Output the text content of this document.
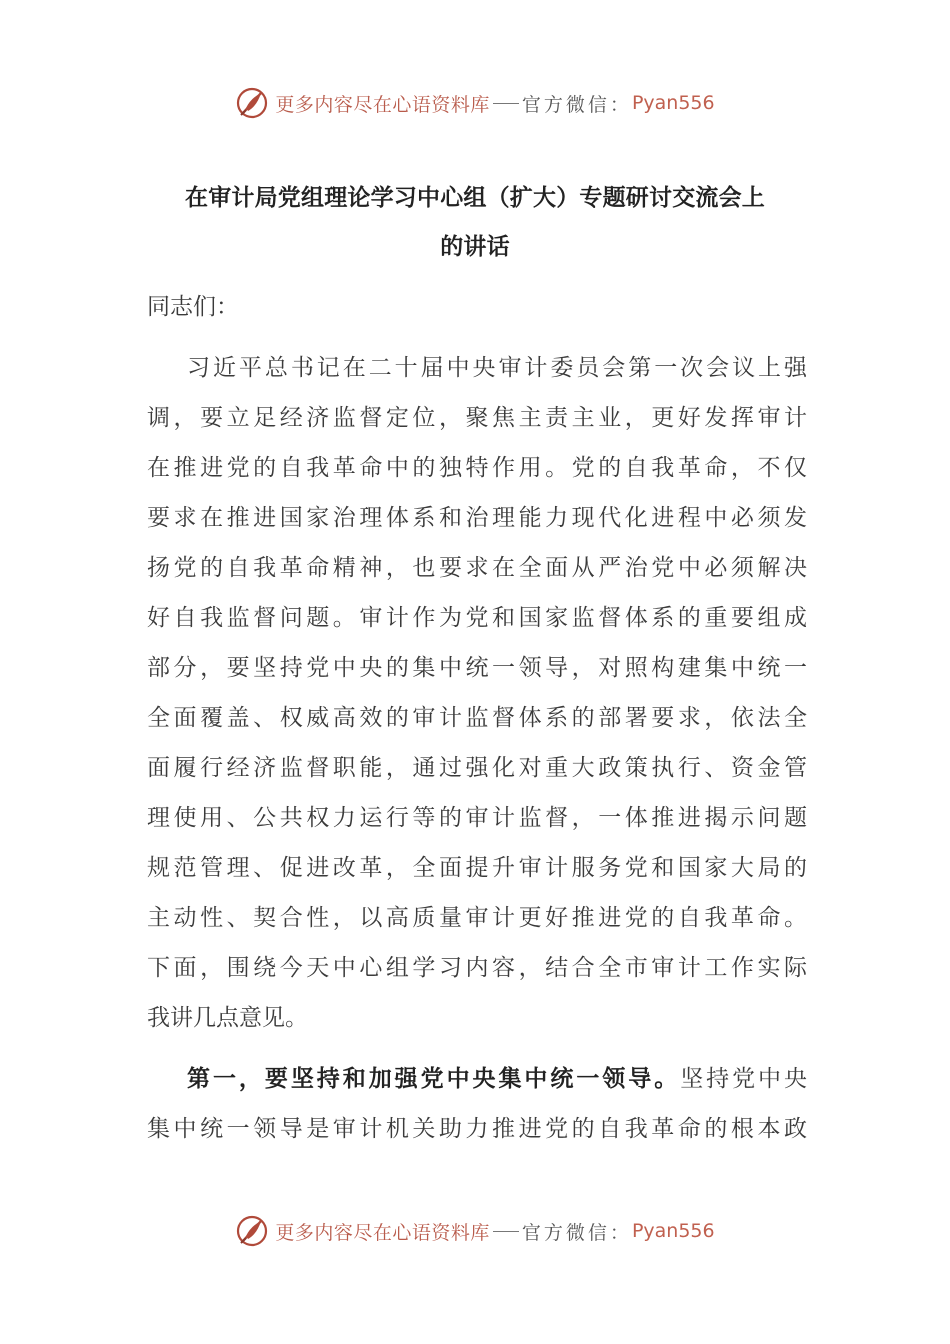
更多内容尽在心语资料库 官方微信： Pyan556
在审计局党组理论学习中心组（扩大）专题研讨交流会上
的讲话
同志们：
习近平总书记在二十届中央审计委员会第一次会议上强
调，要立足经济监督定位，聚焦主责主业，更好发挥审计
在推进党的自我革命中的独特作用。党的自我革命，不仅
要求在推进国家治理体系和治理能力现代化进程中必须发
扬党的自我革命精神，也要求在全面从严治党中必须解决
好自我监督问题。审计作为党和国家监督体系的重要组成
部分，要坚持党中央的集中统一领导，对照构建集中统一
全面覆盖、权威高效的审计监督体系的部署要求，依法全
面履行经济监督职能，通过强化对重大政策执行、资金管
理使用、公共权力运行等的审计监督，一体推进揭示问题
规范管理、促进改革，全面提升审计服务党和国家大局的
主动性、契合性，以高质量审计更好推进党的自我革命。
下面，围绕今天中心组学习内容，结合全市审计工作实际
我讲几点意见。
第一，要坚持和加强党中央集中统一领导。坚持党中央
集中统一领导是审计机关助力推进党的自我革命的根本政
更多内容尽在心语资料库 官方微信： Pyan556
